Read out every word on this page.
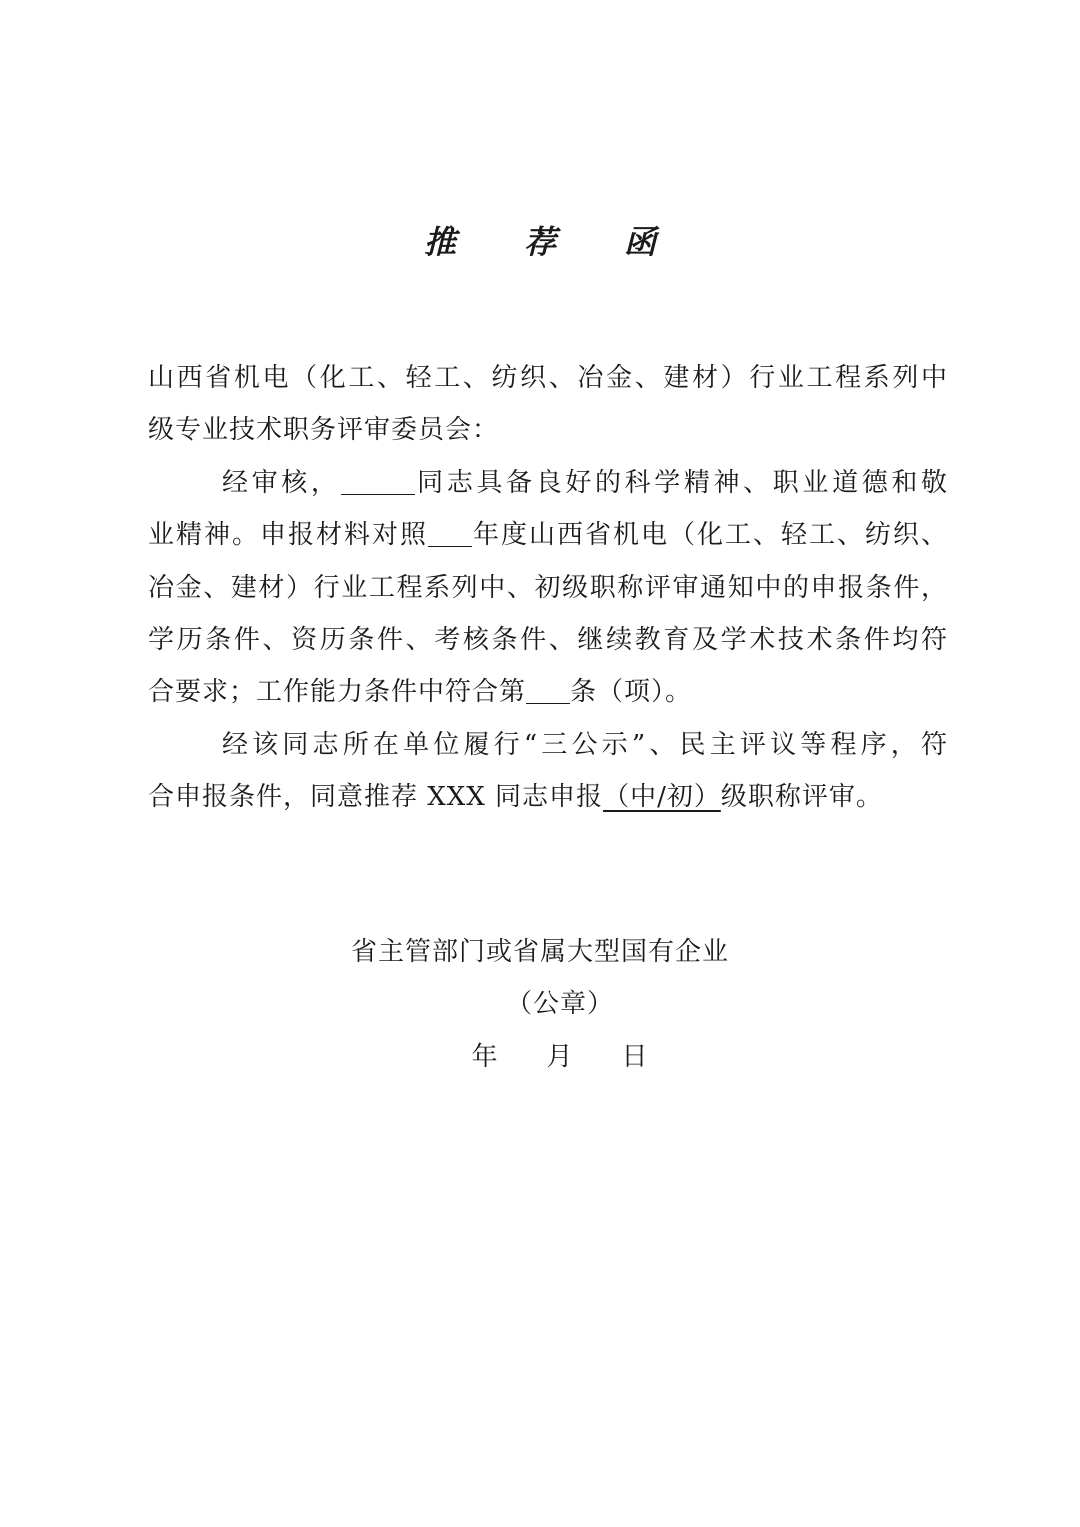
推 荐 函
山西省机电（化工、轻工、纺织、冶金、建材）行业工程系列中
级专业技术职务评审委员会：
经审核，	同志具备良好的科学精神、职业道德和敬
业精神。申报材料对照 年度山西省机电（化工、轻工、纺织、
冶金、建材）行业工程系列中、初级职称评审通知中的申报条件，
学历条件、资历条件、考核条件、继续教育及学术技术条件均符
合要求；工作能力条件中符合第 条（项）。
经该同志所在单位履行“三公示”、民主评议等程序，符
合申报条件，同意推荐 XXX 同志申报（中/初）级职称评审。
省主管部门或省属大型国有企业
（公章）
年 月 日
